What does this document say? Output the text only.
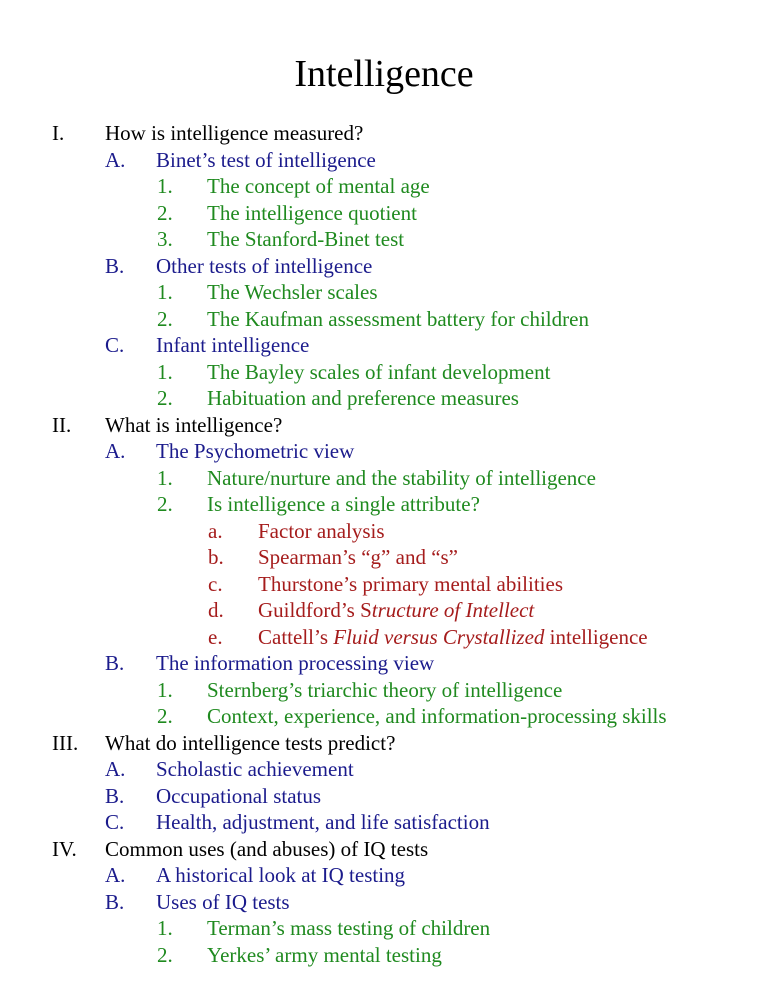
Intelligence
I. How is intelligence measured?
A. Binet’s test of intelligence
1. The concept of mental age
2. The intelligence quotient
3. The Stanford-Binet test
B. Other tests of intelligence
1. The Wechsler scales
2. The Kaufman assessment battery for children
C. Infant intelligence
1. The Bayley scales of infant development
2. Habituation and preference measures
II. What is intelligence?
A. The Psychometric view
1. Nature/nurture and the stability of intelligence
2. Is intelligence a single attribute?
a. Factor analysis
b. Spearman’s “g” and “s”
c. Thurstone’s primary mental abilities
d. Guildford’s Structure of Intellect
e. Cattell’s Fluid versus Crystallized intelligence
B. The information processing view
1. Sternberg’s triarchic theory of intelligence
2. Context, experience, and information-processing skills
III. What do intelligence tests predict?
A. Scholastic achievement
B. Occupational status
C. Health, adjustment, and life satisfaction
IV. Common uses (and abuses) of IQ tests
A. A historical look at IQ testing
B. Uses of IQ tests
1. Terman’s mass testing of children
2. Yerkes’ army mental testing
